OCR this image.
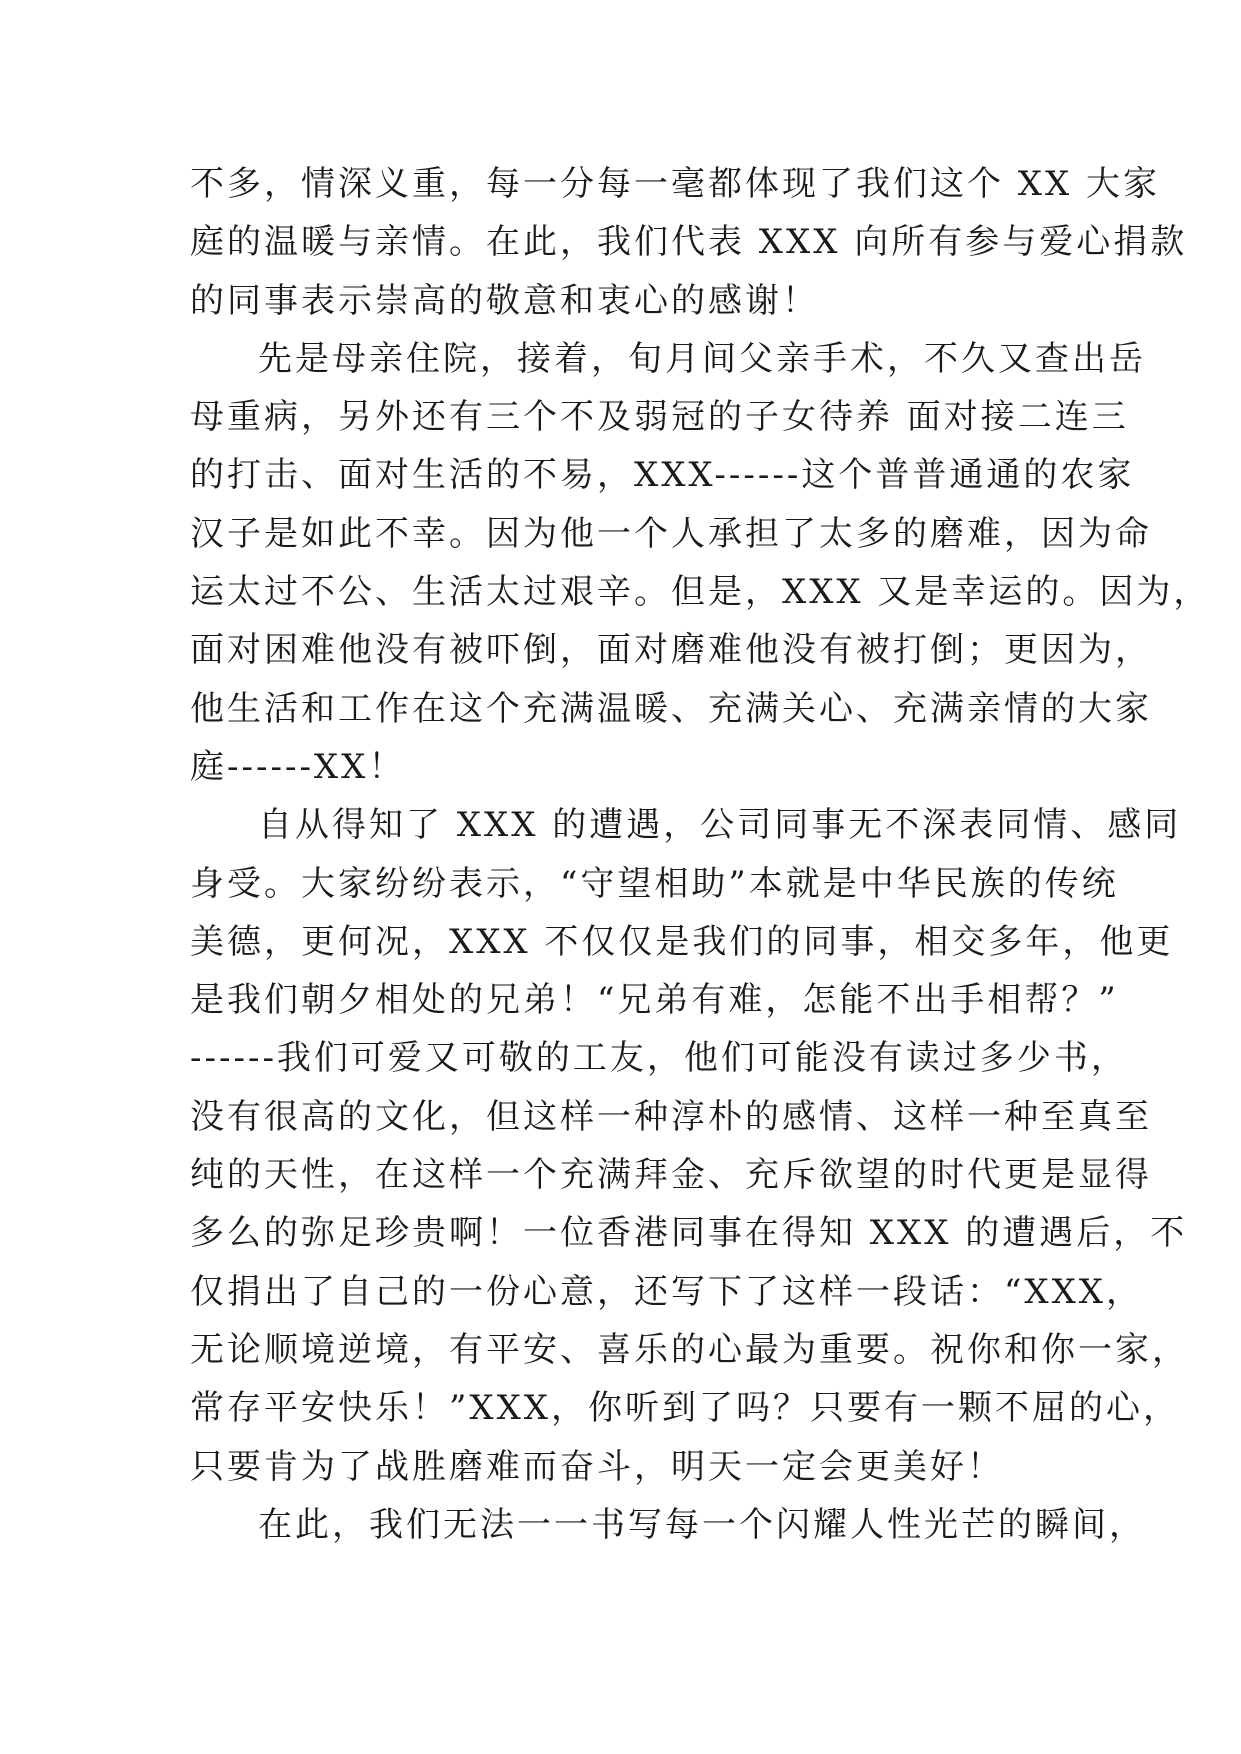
不多，情深义重，每一分每一毫都体现了我们这个 XX 大家
庭的温暖与亲情。在此，我们代表 XXX 向所有参与爱心捐款
的同事表示崇高的敬意和衷心的感谢！
先是母亲住院，接着，旬月间父亲手术，不久又查出岳
母重病，另外还有三个不及弱冠的子女待养 面对接二连三
的打击、面对生活的不易，XXX------这个普普通通的农家
汉子是如此不幸。因为他一个人承担了太多的磨难，因为命
运太过不公、生活太过艰辛。但是，XXX 又是幸运的。因为，
面对困难他没有被吓倒，面对磨难他没有被打倒；更因为，
他生活和工作在这个充满温暖、充满关心、充满亲情的大家
庭------XX！
自从得知了 XXX 的遭遇，公司同事无不深表同情、感同
身受。大家纷纷表示，“守望相助”本就是中华民族的传统
美德，更何况，XXX 不仅仅是我们的同事，相交多年，他更
是我们朝夕相处的兄弟！“兄弟有难，怎能不出手相帮？”
------我们可爱又可敬的工友，他们可能没有读过多少书，
没有很高的文化，但这样一种淳朴的感情、这样一种至真至
纯的天性，在这样一个充满拜金、充斥欲望的时代更是显得
多么的弥足珍贵啊！一位香港同事在得知 XXX 的遭遇后，不
仅捐出了自己的一份心意，还写下了这样一段话：“XXX，
无论顺境逆境，有平安、喜乐的心最为重要。祝你和你一家，
常存平安快乐！”XXX，你听到了吗？只要有一颗不屈的心，
只要肯为了战胜磨难而奋斗，明天一定会更美好！
在此，我们无法一一书写每一个闪耀人性光芒的瞬间，
